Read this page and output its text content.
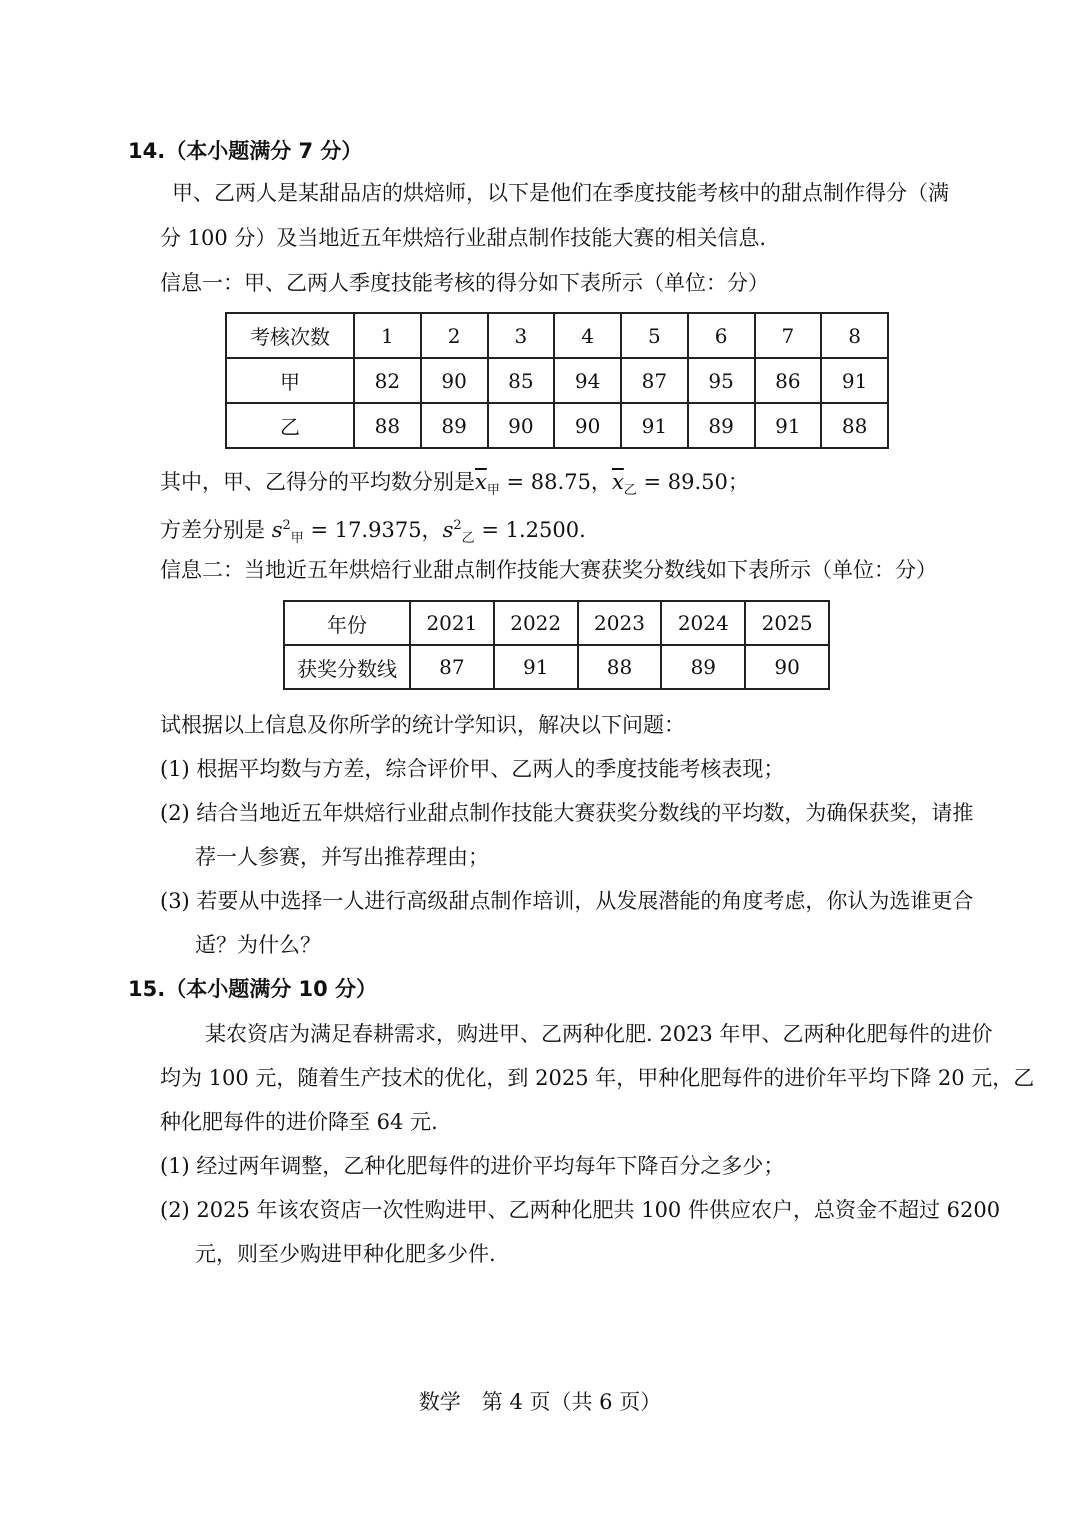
14.（本小题满分 7 分）
甲、乙两人是某甜品店的烘焙师，以下是他们在季度技能考核中的甜点制作得分（满
分 100 分）及当地近五年烘焙行业甜点制作技能大赛的相关信息.
信息一：甲、乙两人季度技能考核的得分如下表所示（单位：分）
考核次数	1	2	3	4	5	6	7	8
甲	82	90	85	94	87	95	86	91
乙	88	89	90	90	91	89	91	88
其中，甲、乙得分的平均数分别是$\overline{x}_甲 = 88.75$，$\overline{x}_乙 = 89.50$；
方差分别是 $s^2_甲 = 17.9375$，$s^2_乙 = 1.2500$.
信息二：当地近五年烘焙行业甜点制作技能大赛获奖分数线如下表所示（单位：分）
年份	2021	2022	2023	2024	2025
获奖分数线	87	91	88	89	90
试根据以上信息及你所学的统计学知识，解决以下问题：
(1) 根据平均数与方差，综合评价甲、乙两人的季度技能考核表现；
(2) 结合当地近五年烘焙行业甜点制作技能大赛获奖分数线的平均数，为确保获奖，请推
荐一人参赛，并写出推荐理由；
(3) 若要从中选择一人进行高级甜点制作培训，从发展潜能的角度考虑，你认为选谁更合
适？为什么？
15.（本小题满分 10 分）
某农资店为满足春耕需求，购进甲、乙两种化肥. 2023 年甲、乙两种化肥每件的进价
均为 100 元，随着生产技术的优化，到 2025 年，甲种化肥每件的进价年平均下降 20 元，乙
种化肥每件的进价降至 64 元.
(1) 经过两年调整，乙种化肥每件的进价平均每年下降百分之多少；
(2) 2025 年该农资店一次性购进甲、乙两种化肥共 100 件供应农户，总资金不超过 6200
元，则至少购进甲种化肥多少件.
数学　第 4 页（共 6 页）
